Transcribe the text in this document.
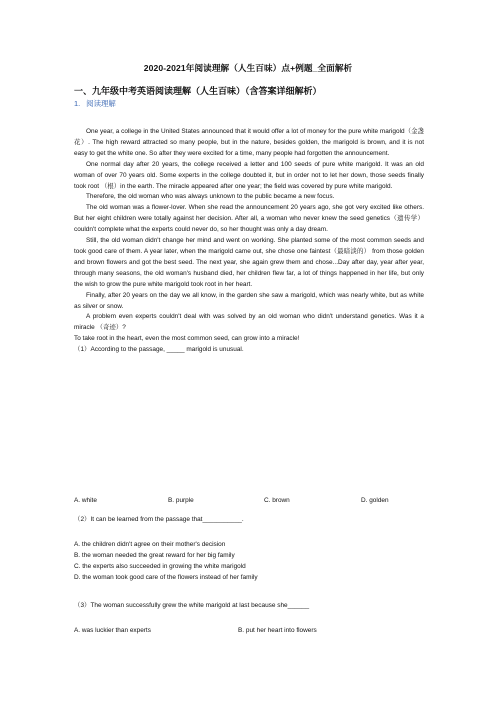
2020-2021年阅读理解（人生百味）点+例题_全面解析
一、九年级中考英语阅读理解（人生百味）（含答案详细解析）
1. 阅读理解

One year, a college in the United States announced that it would offer a lot of money for the pure white marigold（金盏花）. The high reward attracted so many people, but in the nature, besides golden, the marigold is brown, and it is not easy to get the white one. So after they were excited for a time, many people had forgotten the announcement.

One normal day after 20 years, the college received a letter and 100 seeds of pure white marigold. It was an old woman of over 70 years old. Some experts in the college doubted it, but in order not to let her down, those seeds finally took root （根）in the earth. The miracle appeared after one year; the field was covered by pure white marigold.

Therefore, the old woman who was always unknown to the public became a new focus.

The old woman was a flower-lover. When she read the announcement 20 years ago, she got very excited like others. But her eight children were totally against her decision. After all, a woman who never knew the seed genetics（遗传学） couldn't complete what the experts could never do, so her thought was only a day dream.

Still, the old woman didn't change her mind and went on working. She planted some of the most common seeds and took good care of them. A year later, when the marigold came out, she chose one faintest（最暗淡的） from those golden and brown flowers and got the best seed. The next year, she again grew them and chose...Day after day, year after year, through many seasons, the old woman's husband died, her children flew far, a lot of things happened in her life, but only the wish to grow the pure white marigold took root in her heart.

Finally, after 20 years on the day we all know, in the garden she saw a marigold, which was nearly white, but as white as silver or snow.

A problem even experts couldn't deal with was solved by an old woman who didn't understand genetics. Was it a miracle （奇迹）?

To take root in the heart, even the most common seed, can grow into a miracle!

（1）According to the passage, _____ marigold is unusual.

A. white	B. purple	C. brown	D. golden
（2）It can be learned from the passage that___________.
A. the children didn't agree on their mother's decision
B. the woman needed the great reward for her big family
C. the experts also succeeded in growing the white marigold
D. the woman took good care of the flowers instead of her family
（3）The woman successfully grew the white marigold at last because she______
A. was luckier than experts	B. put her heart into flowers
